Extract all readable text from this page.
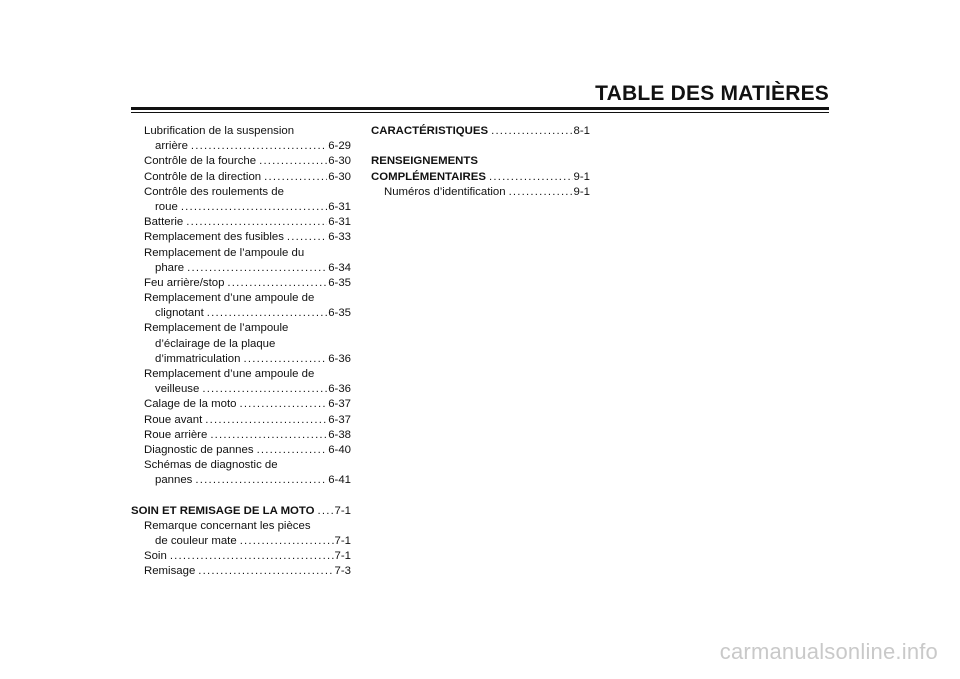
TABLE DES MATIÈRES
Lubrification de la suspension
arrière .....	6-29
Contrôle de la fourche .....	6-30
Contrôle de la direction .....	6-30
Contrôle des roulements de
roue .....	6-31
Batterie .....	6-31
Remplacement des fusibles .....	6-33
Remplacement de l’ampoule du
phare .....	6-34
Feu arrière/stop .....	6-35
Remplacement d’une ampoule de
clignotant .....	6-35
Remplacement de l’ampoule
d’éclairage de la plaque
d’immatriculation .....	6-36
Remplacement d’une ampoule de
veilleuse .....	6-36
Calage de la moto .....	6-37
Roue avant .....	6-37
Roue arrière .....	6-38
Diagnostic de pannes .....	6-40
Schémas de diagnostic de
pannes .....	6-41
SOIN ET REMISAGE DE LA MOTO ..... 7-1
Remarque concernant les pièces
de couleur mate .....	7-1
Soin .....	7-1
Remisage .....	7-3
CARACTÉRISTIQUES .....	8-1
RENSEIGNEMENTS
COMPLÉMENTAIRES .....	9-1
Numéros d’identification .....	9-1
carmanualsonline.info
